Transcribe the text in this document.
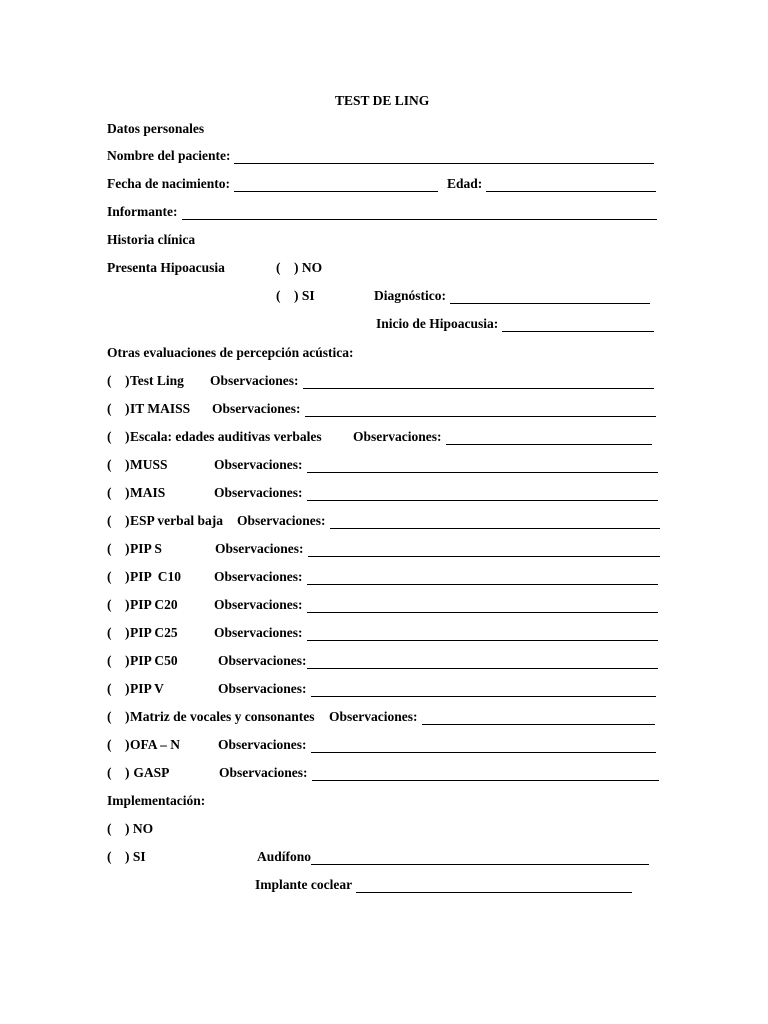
TEST DE LING
Datos personales
Nombre del paciente:
Fecha de nacimiento:	Edad:
Informante:
Historia clínica
Presenta Hipoacusia	(    ) NO
(    ) SI	Diagnóstico:
Inicio de Hipoacusia:
Otras evaluaciones de percepción acústica:
(    ) Test Ling Observaciones:
(    ) IT MAISS Observaciones:
(    ) Escala: edades auditivas verbales Observaciones:
(    ) MUSS	Observaciones:
(    ) MAIS	Observaciones:
(    ) ESP verbal baja Observaciones:
(    ) PIP S	Observaciones:
(    ) PIP  C10 Observaciones:
(    ) PIP C20	Observaciones:
(    ) PIP C25	Observaciones:
(    ) PIP C50	Observaciones:
(    ) PIP V	Observaciones:
(    ) Matriz de vocales y consonantes Observaciones:
(    ) OFA – N	Observaciones:
(    ) GASP	Observaciones:
Implementación:
(    ) NO
(    ) SI	Audífono
Implante coclear
